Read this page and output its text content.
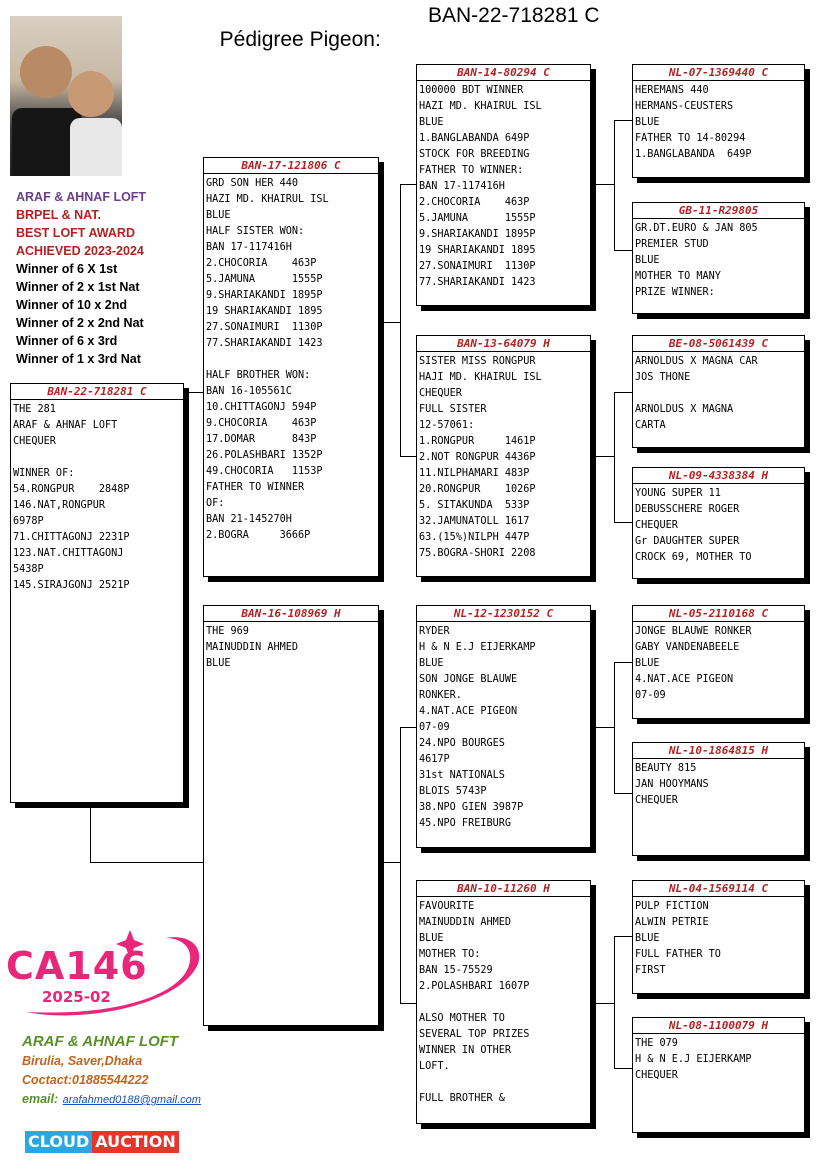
Pédigree Pigeon:

BAN-22-718281 C

ARAF & AHNAF LOFT
BRPEL & NAT.
BEST LOFT AWARD
ACHIEVED 2023-2024
Winner of 6 X 1st
Winner of 2 x 1st Nat
Winner of 10 x 2nd
Winner of 2 x 2nd Nat
Winner of 6 x 3rd
Winner of 1 x 3rd Nat
BAN-22-718281 C
THE 281
ARAF & AHNAF LOFT
CHEQUER

WINNER OF:
54.RONGPUR    2848P
146.NAT,RONGPUR
6978P
71.CHITTAGONJ 2231P
123.NAT.CHITTAGONJ
5438P
145.SIRAJGONJ 2521P
BAN-17-121806 C
GRD SON HER 440
HAZI MD. KHAIRUL ISL
BLUE
HALF SISTER WON:
BAN 17-117416H
2.CHOCORIA    463P
5.JAMUNA      1555P
9.SHARIAKANDI 1895P
19 SHARIAKANDI 1895
27.SONAIMURI  1130P
77.SHARIAKANDI 1423

HALF BROTHER WON:
BAN 16-105561C
10.CHITTAGONJ 594P
9.CHOCORIA    463P
17.DOMAR      843P
26.POLASHBARI 1352P
49.CHOCORIA   1153P
FATHER TO WINNER
OF:
BAN 21-145270H
2.BOGRA     3666P
BAN-16-108969 H
THE 969
MAINUDDIN AHMED
BLUE
BAN-14-80294 C
100000 BDT WINNER
HAZI MD. KHAIRUL ISL
BLUE
1.BANGLABANDA 649P
STOCK FOR BREEDING
FATHER TO WINNER:
BAN 17-117416H
2.CHOCORIA    463P
5.JAMUNA      1555P
9.SHARIAKANDI 1895P
19 SHARIAKANDI 1895
27.SONAIMURI  1130P
77.SHARIAKANDI 1423
BAN-13-64079 H
SISTER MISS RONGPUR
HAJI MD. KHAIRUL ISL
CHEQUER
FULL SISTER
12-57061:
1.RONGPUR     1461P
2.NOT RONGPUR 4436P
11.NILPHAMARI 483P
20.RONGPUR    1026P
5. SITAKUNDA  533P
32.JAMUNATOLL 1617
63.(15%)NILPH 447P
75.BOGRA-SHORI 2208
NL-12-1230152 C
RYDER
H & N E.J EIJERKAMP
BLUE
SON JONGE BLAUWE
RONKER.
4.NAT.ACE PIGEON
07-09
24.NPO BOURGES
4617P
31st NATIONALS
BLOIS 5743P
38.NPO GIEN 3987P
45.NPO FREIBURG
BAN-10-11260 H
FAVOURITE
MAINUDDIN AHMED
BLUE
MOTHER TO:
BAN 15-75529
2.POLASHBARI 1607P

ALSO MOTHER TO
SEVERAL TOP PRIZES
WINNER IN OTHER
LOFT.

FULL BROTHER &
NL-07-1369440 C
HEREMANS 440
HERMANS-CEUSTERS
BLUE
FATHER TO 14-80294
1.BANGLABANDA  649P
GB-11-R29805
GR.DT.EURO & JAN 805
PREMIER STUD
BLUE
MOTHER TO MANY
PRIZE WINNER:
BE-08-5061439 C
ARNOLDUS X MAGNA CAR
JOS THONE

ARNOLDUS X MAGNA
CARTA
NL-09-4338384 H
YOUNG SUPER 11
DEBUSSCHERE ROGER
CHEQUER
Gr DAUGHTER SUPER
CROCK 69, MOTHER TO
NL-05-2110168 C
JONGE BLAUWE RONKER
GABY VANDENABEELE
BLUE
4.NAT.ACE PIGEON
07-09
NL-10-1864815 H
BEAUTY 815
JAN HOOYMANS
CHEQUER
NL-04-1569114 C
PULP FICTION
ALWIN PETRIE
BLUE
FULL FATHER TO
FIRST
NL-08-1100079 H
THE 079
H & N E.J EIJERKAMP
CHEQUER
CA146
2025-02
ARAF & AHNAF LOFT
Birulia, Saver,Dhaka
Coctact:01885544222
email: arafahmed0188@gmail.com
CLOUD AUCTION
